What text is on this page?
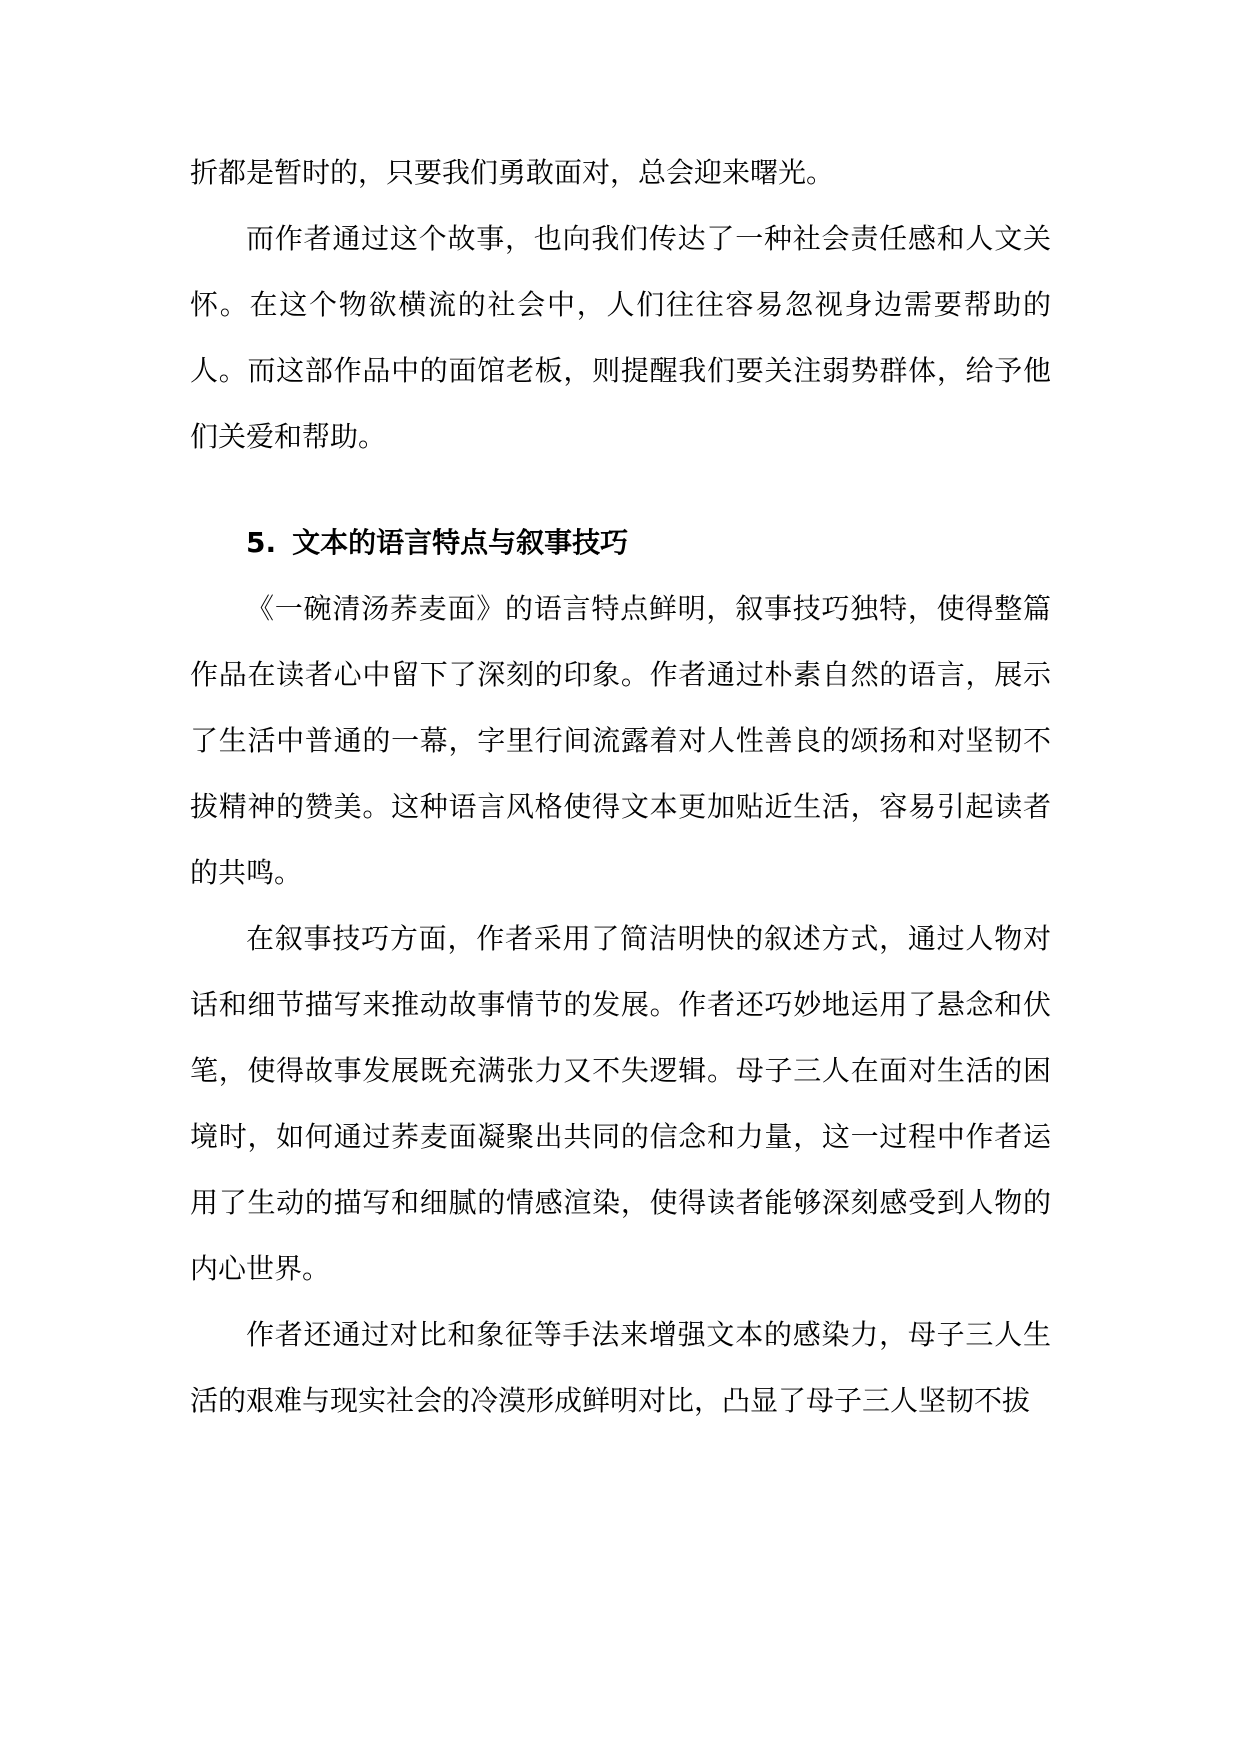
折都是暂时的，只要我们勇敢面对，总会迎来曙光。

而作者通过这个故事，也向我们传达了一种社会责任感和人文关怀。在这个物欲横流的社会中，人们往往容易忽视身边需要帮助的人。而这部作品中的面馆老板，则提醒我们要关注弱势群体，给予他们关爱和帮助。

5. 文本的语言特点与叙事技巧

《一碗清汤荞麦面》的语言特点鲜明，叙事技巧独特，使得整篇作品在读者心中留下了深刻的印象。作者通过朴素自然的语言，展示了生活中普通的一幕，字里行间流露着对人性善良的颂扬和对坚韧不拔精神的赞美。这种语言风格使得文本更加贴近生活，容易引起读者的共鸣。

在叙事技巧方面，作者采用了简洁明快的叙述方式，通过人物对话和细节描写来推动故事情节的发展。作者还巧妙地运用了悬念和伏笔，使得故事发展既充满张力又不失逻辑。母子三人在面对生活的困境时，如何通过荞麦面凝聚出共同的信念和力量，这一过程中作者运用了生动的描写和细腻的情感渲染，使得读者能够深刻感受到人物的内心世界。

作者还通过对比和象征等手法来增强文本的感染力，母子三人生活的艰难与现实社会的冷漠形成鲜明对比，凸显了母子三人坚韧不拔
